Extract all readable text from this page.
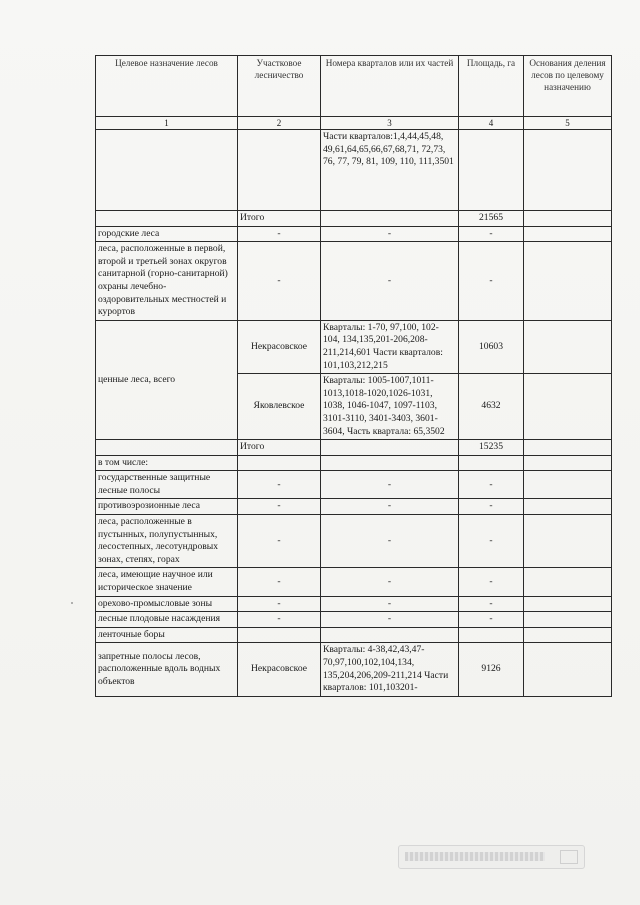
Целевое назначение лесов	Участковое лесничество	Номера кварталов или их частей	Площадь, га	Основания деления лесов по целевому назначению
1	2	3	4	5
		Части кварталов:1,4,44,45,48, 49,61,64,65,66,67,68,71, 72,73, 76, 77, 79, 81, 109, 110, 111,3501		
	Итого		21565	
городские леса	-	-	-	
леса, расположенные в первой, второй и третьей зонах округов санитарной (горно-санитарной) охраны лечебно-оздоровительных местностей и курортов	-	-	-	
ценные леса, всего	Некрасовское	Кварталы: 1-70, 97,100, 102- 104, 134,135,201-206,208-211,214,601 Части кварталов: 101,103,212,215	10603	
	Яковлевское	Кварталы: 1005-1007,1011-1013,1018-1020,1026-1031, 1038, 1046-1047, 1097-1103, 3101-3110, 3401-3403, 3601-3604, Часть квартала: 65,3502	4632	
	Итого		15235	
в том числе:				
государственные защитные лесные полосы	-	-	-	
противоэрозионные леса	-	-	-	
леса, расположенные в пустынных, полупустынных, лесостепных, лесотундровых зонах, степях, горах	-	-	-	
леса, имеющие научное или историческое значение	-	-	-	
орехово-промысловые зоны	-	-	-	
лесные плодовые насаждения	-	-	-	
ленточные боры				
запретные полосы лесов, расположенные вдоль водных объектов	Некрасовское	Кварталы: 4-38,42,43,47-70,97,100,102,104,134, 135,204,206,209-211,214 Части кварталов: 101,103201-	9126	
